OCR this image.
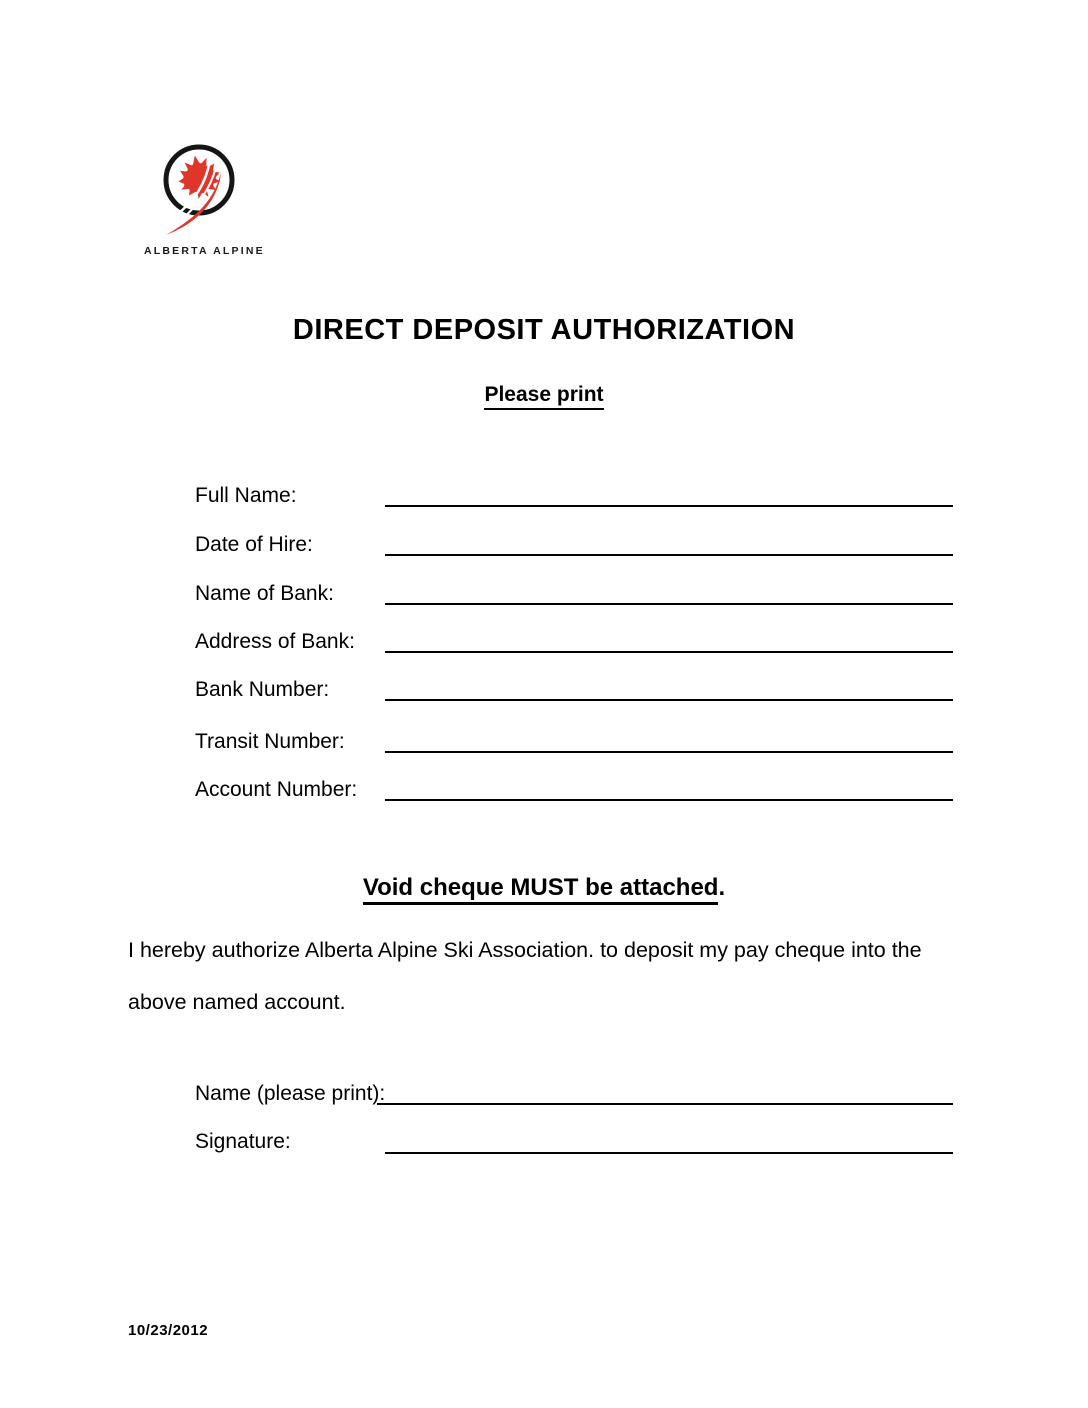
ALBERTA ALPINE
DIRECT DEPOSIT AUTHORIZATION
Please print
Full Name:
Date of Hire:
Name of Bank:
Address of Bank:
Bank Number:
Transit Number:
Account Number:
Void cheque MUST be attached.
I hereby authorize Alberta Alpine Ski Association. to deposit my pay cheque into the
above named account.
Name (please print):
Signature:
10/23/2012
